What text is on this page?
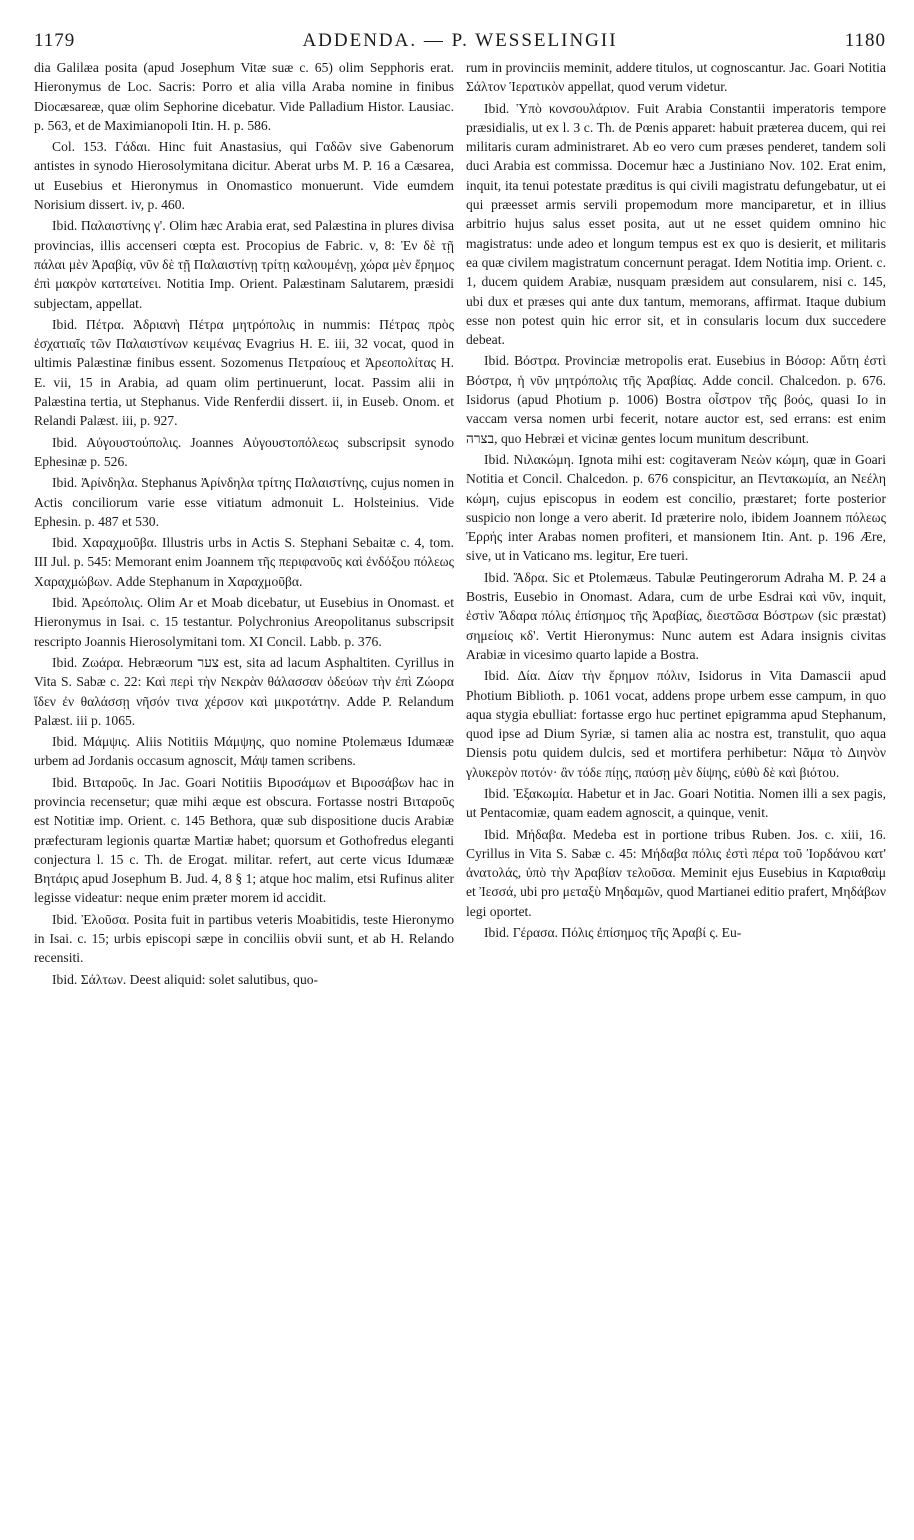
1179	ADDENDA. — P. WESSELINGII	1180

dia Galilæa posita (apud Josephum Vitæ suæ c. 65) olim Sepphoris erat. Hieronymus de Loc. Sacris: Porro et alia villa Araba nomine in finibus Diocæsareæ, quæ olim Sephorine dicebatur. Vide Palladium Histor. Lausiac. p. 563, et de Maximianopoli Itin. H. p. 586.

Col. 153. Γάδαι. Hinc fuit Anastasius, qui Γαδῶν sive Gabenorum antistes in synodo Hierosolymitana dicitur. Aberat urbs M. P. 16 a Cæsarea, ut Eusebius et Hieronymus in Onomastico monuerunt. Vide eumdem Norisium dissert. iv, p. 460.

Ibid. Παλαιστίνης γ'. Olim hæc Arabia erat, sed Palæstina in plures divisa provincias, illis accenseri cœpta est. Procopius de Fabric. v, 8: Ἐν δὲ τῇ πάλαι μὲν Ἀραβίᾳ, νῦν δὲ τῇ Παλαιστίνῃ τρίτῃ καλουμένῃ, χώρα μὲν ἔρημος ἐπὶ μακρὸν κατατείνει. Notitia Imp. Orient. Palæstinam Salutarem, præsidi subjectam, appellat.

Ibid. Πέτρα. Ἀδριανὴ Πέτρα μητρόπολις in nummis: Πέτρας πρὸς ἐσχατιαῖς τῶν Παλαιστίνων κειμένας Evagrius H. E. iii, 32 vocat, quod in ultimis Palæstinæ finibus essent. Sozomenus Πετραίους et Ἀρεοπολίτας H. E. vii, 15 in Arabia, ad quam olim pertinuerunt, locat. Passim alii in Palæstina tertia, ut Stephanus. Vide Renferdii dissert. ii, in Euseb. Onom. et Relandi Palæst. iii, p. 927.

Ibid. Αὐγουστούπολις. Joannes Αὐγουστοπόλεως subscripsit synodo Ephesinæ p. 526.

Ibid. Ἀρίνδηλα. Stephanus Ἀρίνδηλα τρίτης Παλαιστίνης, cujus nomen in Actis conciliorum varie esse vitiatum admonuit L. Holsteinius. Vide Ephesin. p. 487 et 530.

Ibid. Χαραχμοῦβα. Illustris urbs in Actis S. Stephani Sebaitæ c. 4, tom. III Jul. p. 545: Memorant enim Joannem τῆς περιφανοῦς καὶ ἐνδόξου πόλεως Χαραχμώβων. Adde Stephanum in Χαραχμοῦβα.

Ibid. Ἀρεόπολις. Olim Ar et Moab dicebatur, ut Eusebius in Onomast. et Hieronymus in Isai. c. 15 testantur. Polychronius Areopolitanus subscripsit rescripto Joannis Hierosolymitani tom. XI Concil. Labb. p. 376.

Ibid. Ζωάρα. Hebræorum צער est, sita ad lacum Asphaltiten. Cyrillus in Vita S. Sabæ c. 22: Καὶ περὶ τὴν Νεκρὰν θάλασσαν ὁδεύων τὴν ἐπὶ Ζώορα ἴδεν ἐν θαλάσσῃ νῆσόν τινα χέρσον καὶ μικροτάτην. Adde P. Relandum Palæst. iii p. 1065.

Ibid. Μάμψις. Aliis Notitiis Μάμψης, quo nomine Ptolemæus Idumææ urbem ad Jordanis occasum agnoscit, Μάψ tamen scribens.

Ibid. Βιταροῦς. In Jac. Goari Notitiis Βιροσάμων et Βιροσάβων hac in provincia recensetur; quæ mihi æque est obscura. Fortasse nostri Βιταροῦς est Notitiæ imp. Orient. c. 145 Bethora, quæ sub dispositione ducis Arabiæ præfecturam legionis quartæ Martiæ habet; quorsum et Gothofredus eleganti conjectura l. 15 c. Th. de Erogat. militar. refert, aut certe vicus Idumææ Βητάρις apud Josephum B. Jud. 4, 8 § 1; atque hoc malim, etsi Rufinus aliter legisse videatur: neque enim præter morem id accidit.

Ibid. Ἐλοῦσα. Posita fuit in partibus veteris Moabitidis, teste Hieronymo in Isai. c. 15; urbis episcopi sæpe in conciliis obvii sunt, et ab H. Relando recensiti.

Ibid. Σάλτων. Deest aliquid: solet salutibus, quo-

rum in provinciis meminit, addere titulos, ut cognoscantur. Jac. Goari Notitia Σάλτον Ἱερατικὸν appellat, quod verum videtur.

Ibid. Ὑπὸ κονσουλάριον. Fuit Arabia Constantii imperatoris tempore præsidialis, ut ex l. 3 c. Th. de Pœnis apparet: habuit præterea ducem, qui rei militaris curam administraret. Ab eo vero cum præses penderet, tandem soli duci Arabia est commissa. Docemur hæc a Justiniano Nov. 102. Erat enim, inquit, ita tenui potestate præditus is qui civili magistratu defungebatur, ut ei qui præesset armis servili propemodum more manciparetur, et in illius arbitrio hujus salus esset posita, aut ut ne esset quidem omnino hic magistratus: unde adeo et longum tempus est ex quo is desierit, et militaris ea quæ civilem magistratum concernunt peragat. Idem Notitia imp. Orient. c. 1, ducem quidem Arabiæ, nusquam præsidem aut consularem, nisi c. 145, ubi dux et præses qui ante dux tantum, memorans, affirmat. Itaque dubium esse non potest quin hic error sit, et in consularis locum dux succedere debeat.

Ibid. Βόστρα. Provinciæ metropolis erat. Eusebius in Βόσορ: Αὕτη ἐστὶ Βόστρα, ἡ νῦν μητρόπολις τῆς Ἀραβίας. Adde concil. Chalcedon. p. 676. Isidorus (apud Photium p. 1006) Bostra οἶστρον τῆς βοός, quasi Io in vaccam versa nomen urbi fecerit, notare auctor est, sed errans: est enim בצרה, quo Hebræi et vicinæ gentes locum munitum describunt.

Ibid. Νιλακώμη. Ignota mihi est: cogitaveram Νεὼν κώμη, quæ in Goari Notitia et Concil. Chalcedon. p. 676 conspicitur, an Πεντακωμία, an Νεέλη κώμη, cujus episcopus in eodem est concilio, præstaret; forte posterior suspicio non longe a vero aberit. Id præterire nolo, ibidem Joannem πόλεως Ἐρρής inter Arabas nomen profiteri, et mansionem Itin. Ant. p. 196 Ære, sive, ut in Vaticano ms. legitur, Ere tueri.

Ibid. Ἄδρα. Sic et Ptolemæus. Tabulæ Peutingerorum Adraha M. P. 24 a Bostris, Eusebio in Onomast. Adara, cum de urbe Esdrai καὶ νῦν, inquit, ἐστὶν Ἄδαρα πόλις ἐπίσημος τῆς Ἀραβίας, διεστῶσα Βόστρων (sic præstat) σημείοις κδ'. Vertit Hieronymus: Nunc autem est Adara insignis civitas Arabiæ in vicesimo quarto lapide a Bostra.

Ibid. Δία. Δίαν τὴν ἔρημον πόλιν, Isidorus in Vita Damascii apud Photium Biblioth. p. 1061 vocat, addens prope urbem esse campum, in quo aqua stygia ebulliat: fortasse ergo huc pertinet epigramma apud Stephanum, quod ipse ad Dium Syriæ, si tamen alia ac nostra est, transtulit, quo aqua Diensis potu quidem dulcis, sed et mortifera perhibetur: Νᾶμα τὸ Διηνὸν γλυκερὸν ποτόν· ἂν τόδε πίῃς, παύσῃ μὲν δίψης, εὐθὺ δὲ καὶ βιότου.

Ibid. Ἐξακωμία. Habetur et in Jac. Goari Notitia. Nomen illi a sex pagis, ut Pentacomiæ, quam eadem agnoscit, a quinque, venit.

Ibid. Μήδαβα. Medeba est in portione tribus Ruben. Jos. c. xiii, 16. Cyrillus in Vita S. Sabæ c. 45: Μήδαβα πόλις ἐστὶ πέρα τοῦ Ἰορδάνου κατ' ἀνατολάς, ὑπὸ τὴν Ἀραβίαν τελοῦσα. Meminit ejus Eusebius in Καριαθαὶμ et Ἰεσσά, ubi pro μεταξὺ Μηδαμῶν, quod Martianei editio prafert, Μηδάβων legi oportet.

Ibid. Γέρασα. Πόλις ἐπίσημος τῆς Ἀραβί ς. Eu-
